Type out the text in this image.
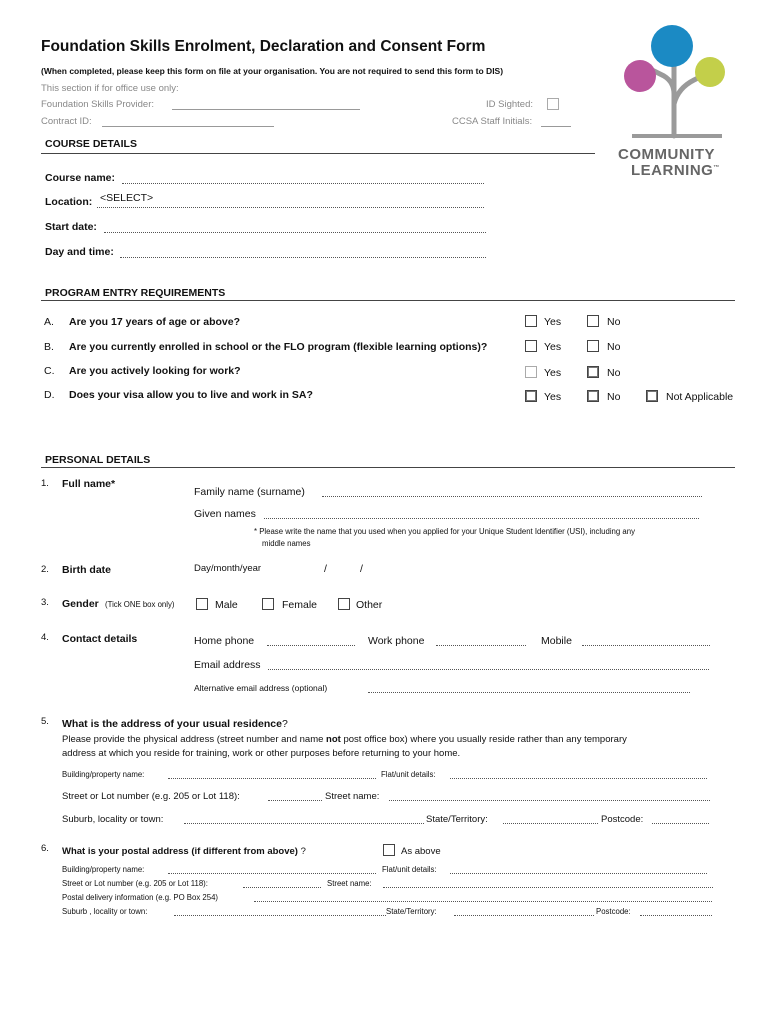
Foundation Skills Enrolment, Declaration and Consent Form
(When completed, please keep this form on file at your organisation. You are not required to send this form to DIS)
This section if for office use only:
Foundation Skills Provider:
Contract ID:
ID Sighted:
CCSA Staff Initials:
COMMUNITY
LEARNING™
COURSE DETAILS
Course name:
Location: <SELECT>
Start date:
Day and time:
PROGRAM ENTRY REQUIREMENTS
A. Are you 17 years of age or above?	Yes	No
B. Are you currently enrolled in school or the FLO program (flexible learning options)?	Yes	No
C. Are you actively looking for work?	Yes	No
D. Does your visa allow you to live and work in SA?	Yes	No	Not Applicable
PERSONAL DETAILS
1. Full name*
Family name (surname)
Given names
* Please write the name that you used when you applied for your Unique Student Identifier (USI), including any
middle names
2. Birth date	Day/month/year	/	/
3. Gender (Tick ONE box only)	Male	Female	Other
4. Contact details	Home phone	Work phone	Mobile
Email address
Alternative email address (optional)
5. What is the address of your usual residence?
Please provide the physical address (street number and name not post office box) where you usually reside rather than any temporary
address at which you reside for training, work or other purposes before returning to your home.
Building/property name:	Flat/unit details:
Street or Lot number (e.g. 205 or Lot 118):	Street name:
Suburb, locality or town:	State/Territory:	Postcode:
6. What is your postal address (if different from above) ?	As above
Building/property name:	Flat/unit details:
Street or Lot number (e.g. 205 or Lot 118):	Street name:
Postal delivery information (e.g. PO Box 254)
Suburb , locality or town:	State/Territory:	Postcode:
